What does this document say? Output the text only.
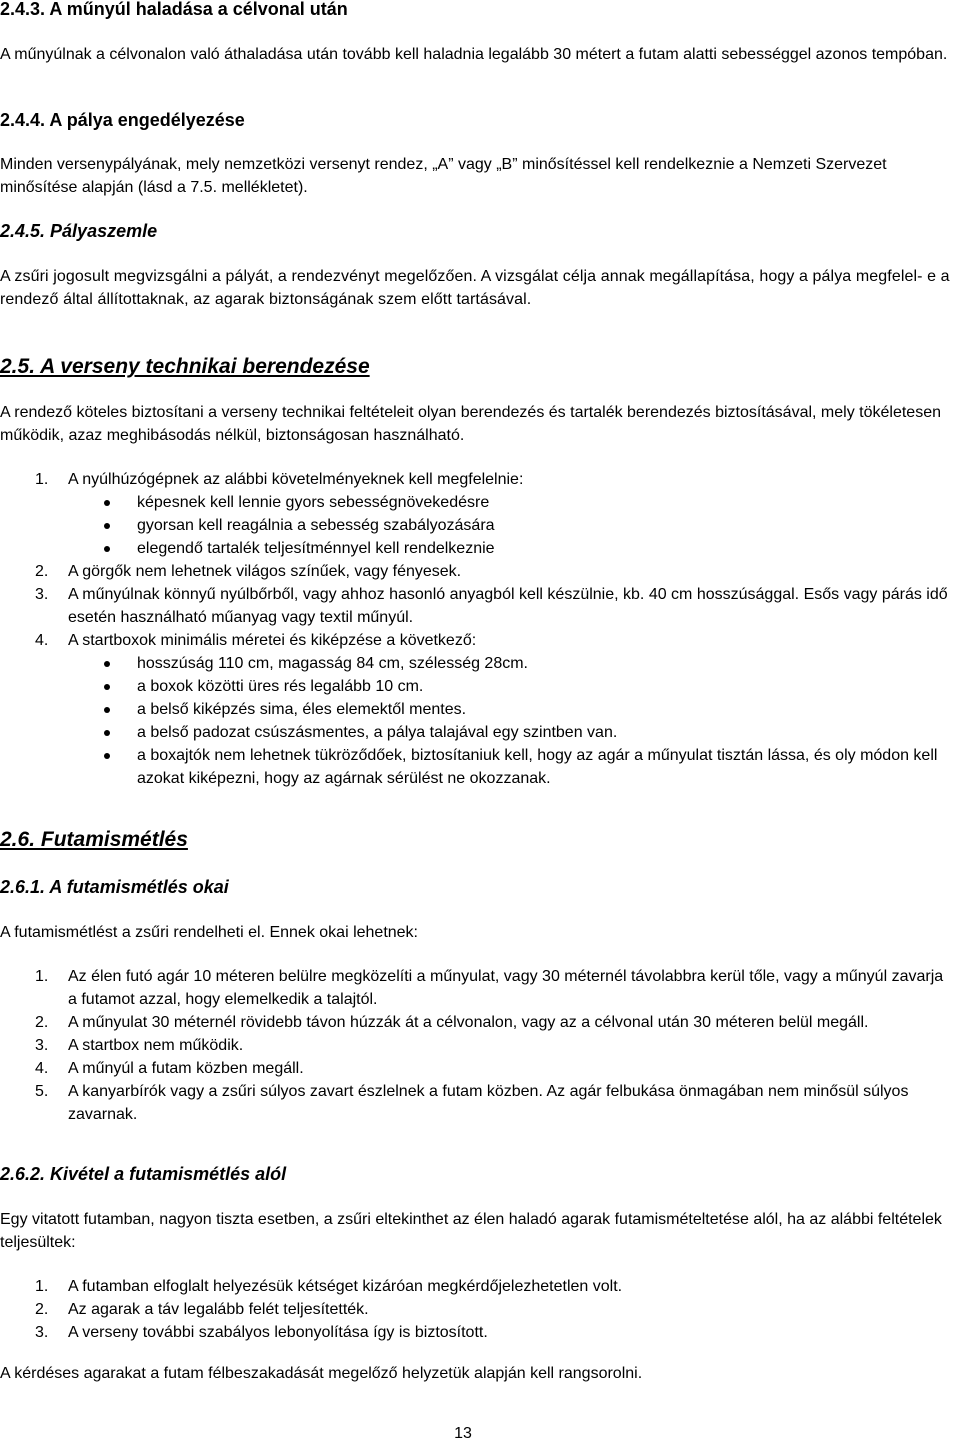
2.4.3. A műnyúl haladása a célvonal után

A műnyúlnak a célvonalon való áthaladása után tovább kell haladnia legalább 30 métert a futam alatti sebességgel azonos tempóban.

2.4.4. A pálya engedélyezése

Minden versenypályának, mely nemzetközi versenyt rendez, „A” vagy „B” minősítéssel kell rendelkeznie a Nemzeti Szervezet minősítése alapján (lásd a 7.5. mellékletet).

2.4.5. Pályaszemle

A zsűri jogosult megvizsgálni a pályát, a rendezvényt megelőzően. A vizsgálat célja annak megállapítása, hogy a pálya megfelel- e a rendező által állítottaknak, az agarak biztonságának szem előtt tartásával.

2.5. A verseny technikai berendezése

A rendező köteles biztosítani a verseny technikai feltételeit olyan berendezés és tartalék berendezés biztosításával, mely tökéletesen működik, azaz meghibásodás nélkül, biztonságosan használható.

1. A nyúlhúzógépnek az alábbi követelményeknek kell megfelelnie:
képesnek kell lennie gyors sebességnövekedésre
gyorsan kell reagálnia a sebesség szabályozására
elegendő tartalék teljesítménnyel kell rendelkeznie
2. A görgők nem lehetnek világos színűek, vagy fényesek.
3. A műnyúlnak könnyű nyúlbőrből, vagy ahhoz hasonló anyagból kell készülnie, kb. 40 cm hosszúsággal. Esős vagy párás idő esetén használható műanyag vagy textil műnyúl.
4. A startboxok minimális méretei és kiképzése a következő:
hosszúság 110 cm, magasság 84 cm, szélesség 28cm.
a boxok közötti üres rés legalább 10 cm.
a belső kiképzés sima, éles elemektől mentes.
a belső padozat csúszásmentes, a pálya talajával egy szintben van.
a boxajtók nem lehetnek tükröződőek, biztosítaniuk kell, hogy az agár a műnyulat tisztán lássa, és oly módon kell azokat kiképezni, hogy az agárnak sérülést ne okozzanak.
2.6. Futamismétlés
2.6.1. A futamismétlés okai

A futamismétlést a zsűri rendelheti el. Ennek okai lehetnek:

1. Az élen futó agár 10 méteren belülre megközelíti a műnyulat, vagy 30 méternél távolabbra kerül tőle, vagy a műnyúl zavarja a futamot azzal, hogy elemelkedik a talajtól.
2. A műnyulat 30 méternél rövidebb távon húzzák át a célvonalon, vagy az a célvonal után 30 méteren belül megáll.
3. A startbox nem működik.
4. A műnyúl a futam közben megáll.
5. A kanyarbírók vagy a zsűri súlyos zavart észlelnek a futam közben. Az agár felbukása önmagában nem minősül súlyos zavarnak.
2.6.2. Kivétel a futamismétlés alól

Egy vitatott futamban, nagyon tiszta esetben, a zsűri eltekinthet az élen haladó agarak futamismételtetése alól, ha az alábbi feltételek teljesültek:

1. A futamban elfoglalt helyezésük kétséget kizáróan megkérdőjelezhetetlen volt.
2. Az agarak a táv legalább felét teljesítették.
3. A verseny további szabályos lebonyolítása így is biztosított.

A kérdéses agarakat a futam félbeszakadását megelőző helyzetük alapján kell rangsorolni.

13
